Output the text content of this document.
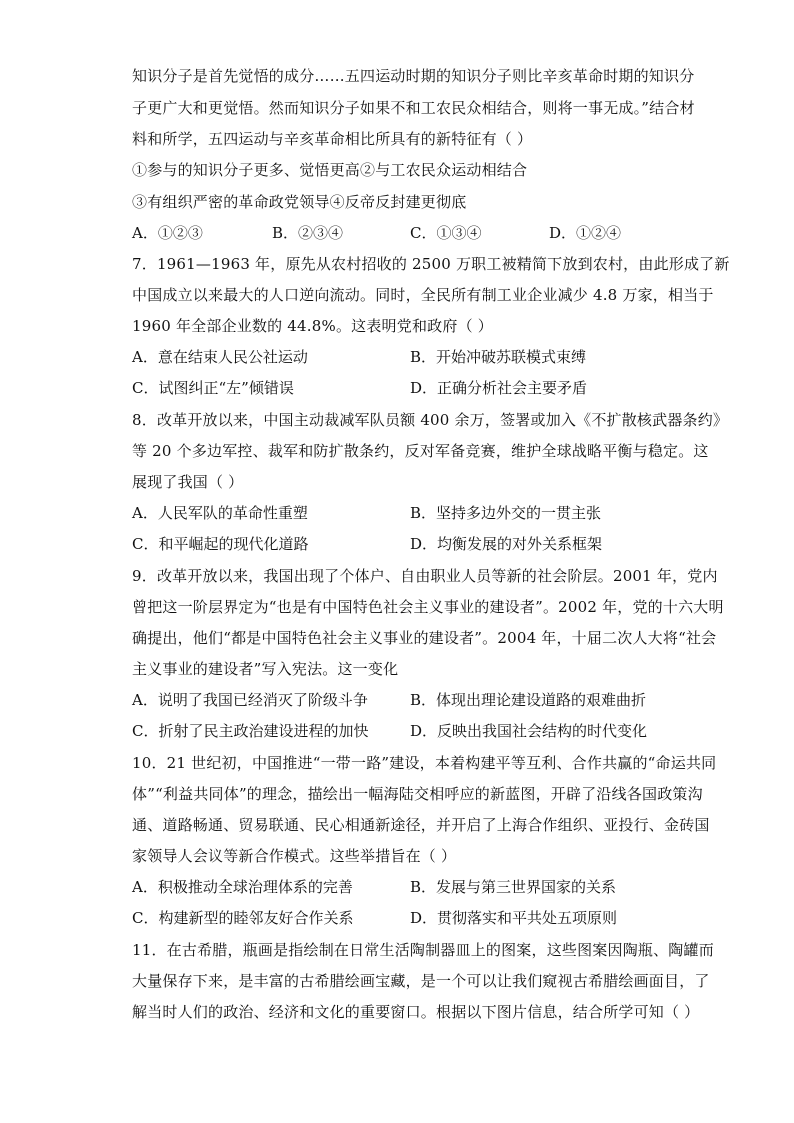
知识分子是首先觉悟的成分……五四运动时期的知识分子则比辛亥革命时期的知识分
子更广大和更觉悟。然而知识分子如果不和工农民众相结合，则将一事无成。”结合材
料和所学，五四运动与辛亥革命相比所具有的新特征有（ ）
①参与的知识分子更多、觉悟更高②与工农民众运动相结合
③有组织严密的革命政党领导④反帝反封建更彻底
A．①②③	B．②③④	C．①③④	D．①②④
7．1961—1963 年，原先从农村招收的 2500 万职工被精简下放到农村，由此形成了新
中国成立以来最大的人口逆向流动。同时，全民所有制工业企业减少 4.8 万家，相当于
1960 年全部企业数的 44.8%。这表明党和政府（ ）
A．意在结束人民公社运动	B．开始冲破苏联模式束缚
C．试图纠正“左”倾错误	D．正确分析社会主要矛盾
8．改革开放以来，中国主动裁减军队员额 400 余万，签署或加入《不扩散核武器条约》
等 20 个多边军控、裁军和防扩散条约，反对军备竞赛，维护全球战略平衡与稳定。这
展现了我国（ ）
A．人民军队的革命性重塑	B．坚持多边外交的一贯主张
C．和平崛起的现代化道路	D．均衡发展的对外关系框架
9．改革开放以来，我国出现了个体户、自由职业人员等新的社会阶层。2001 年，党内
曾把这一阶层界定为“也是有中国特色社会主义事业的建设者”。2002 年，党的十六大明
确提出，他们“都是中国特色社会主义事业的建设者”。2004 年，十届二次人大将“社会
主义事业的建设者”写入宪法。这一变化
A．说明了我国已经消灭了阶级斗争	B．体现出理论建设道路的艰难曲折
C．折射了民主政治建设进程的加快	D．反映出我国社会结构的时代变化
10．21 世纪初，中国推进“一带一路”建设，本着构建平等互利、合作共赢的“命运共同
体”“利益共同体”的理念，描绘出一幅海陆交相呼应的新蓝图，开辟了沿线各国政策沟
通、道路畅通、贸易联通、民心相通新途径，并开启了上海合作组织、亚投行、金砖国
家领导人会议等新合作模式。这些举措旨在（ ）
A．积极推动全球治理体系的完善	B．发展与第三世界国家的关系
C．构建新型的睦邻友好合作关系	D．贯彻落实和平共处五项原则
11．在古希腊，瓶画是指绘制在日常生活陶制器皿上的图案，这些图案因陶瓶、陶罐而
大量保存下来，是丰富的古希腊绘画宝藏，是一个可以让我们窥视古希腊绘画面目，了
解当时人们的政治、经济和文化的重要窗口。根据以下图片信息，结合所学可知（ ）
